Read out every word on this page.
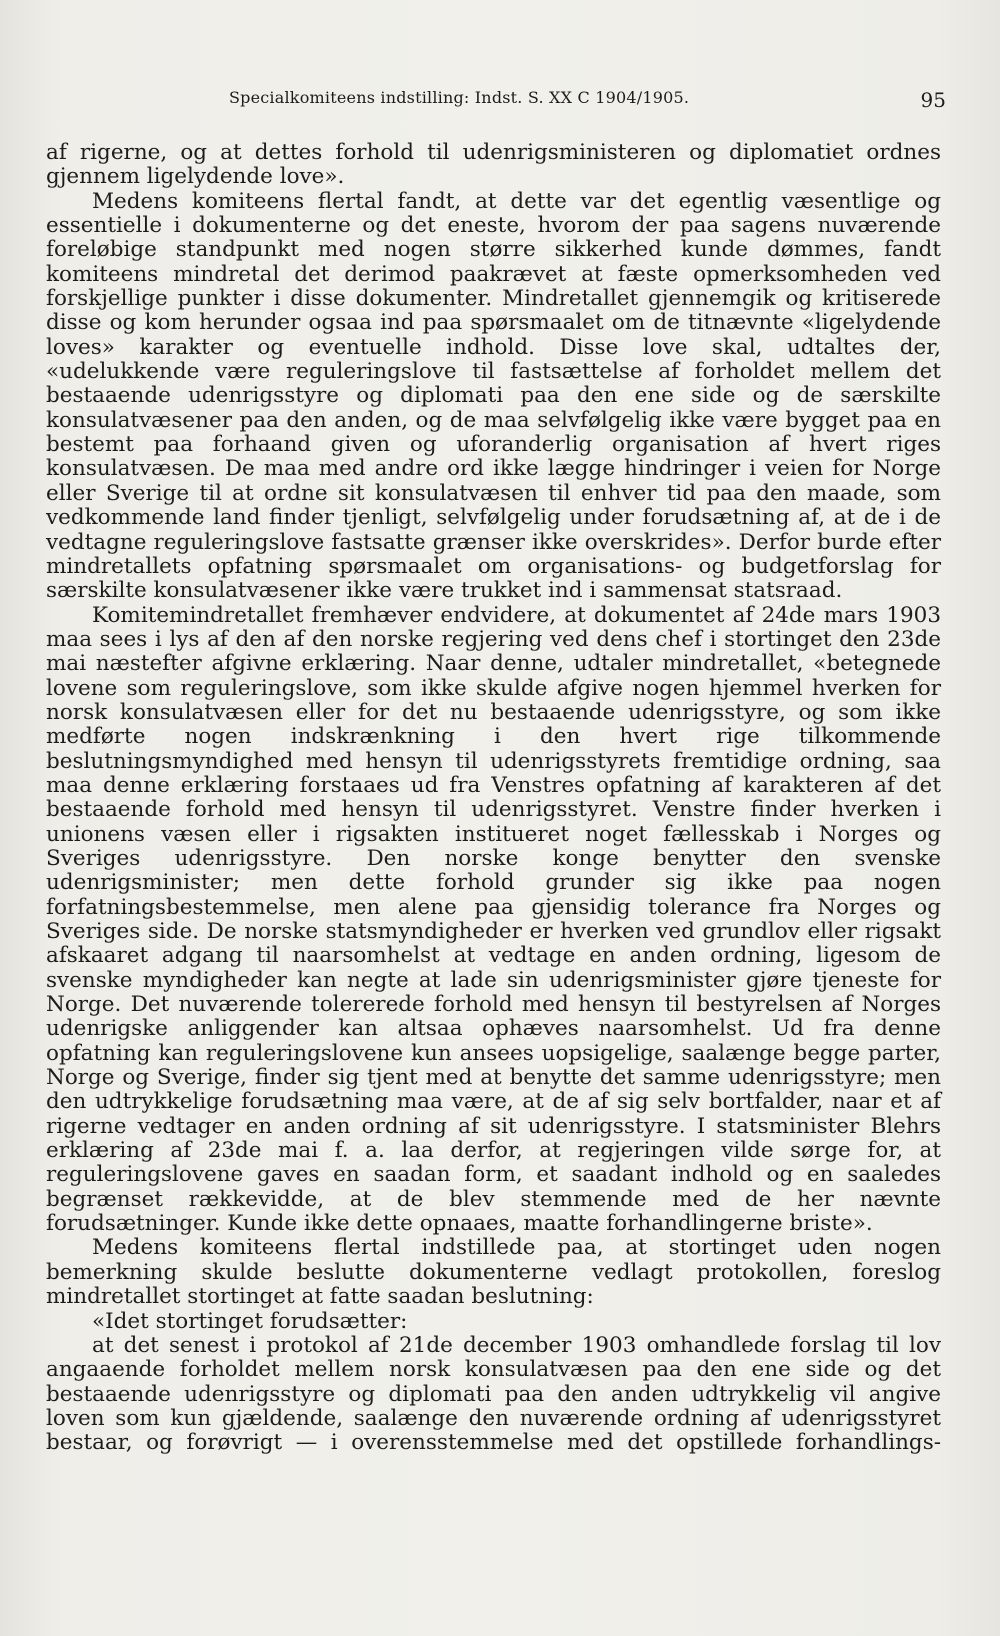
Specialkomiteens indstilling: Indst. S. XX C 1904/1905.	95

af rigerne, og at dettes forhold til udenrigsministeren og diplomatiet ordnes gjennem ligelydende love».

Medens komiteens flertal fandt, at dette var det egentlig væsentlige og essentielle i dokumenterne og det eneste, hvorom der paa sagens nuværende foreløbige standpunkt med nogen større sikkerhed kunde dømmes, fandt komiteens mindretal det derimod paakrævet at fæste opmerksomheden ved forskjellige punkter i disse dokumenter. Mindretallet gjennemgik og kritiserede disse og kom herunder ogsaa ind paa spørsmaalet om de titnævnte «ligelydende loves» karakter og eventuelle indhold. Disse love skal, udtaltes der, «udelukkende være reguleringslove til fastsættelse af forholdet mellem det bestaaende udenrigsstyre og diplomati paa den ene side og de særskilte konsulatvæsener paa den anden, og de maa selvfølgelig ikke være bygget paa en bestemt paa forhaand given og uforanderlig organisation af hvert riges konsulatvæsen. De maa med andre ord ikke lægge hindringer i veien for Norge eller Sverige til at ordne sit konsulatvæsen til enhver tid paa den maade, som vedkommende land finder tjenligt, selvfølgelig under forudsætning af, at de i de vedtagne reguleringslove fastsatte grænser ikke overskrides». Derfor burde efter mindretallets opfatning spørsmaalet om organisations- og budgetforslag for særskilte konsulatvæsener ikke være trukket ind i sammensat statsraad.

Komitemindretallet fremhæver endvidere, at dokumentet af 24de mars 1903 maa sees i lys af den af den norske regjering ved dens chef i stortinget den 23de mai næstefter afgivne erklæring. Naar denne, udtaler mindretallet, «betegnede lovene som reguleringslove, som ikke skulde afgive nogen hjemmel hverken for norsk konsulatvæsen eller for det nu bestaaende udenrigsstyre, og som ikke medførte nogen indskrænkning i den hvert rige tilkommende beslutningsmyndighed med hensyn til udenrigsstyrets fremtidige ordning, saa maa denne erklæring forstaaes ud fra Venstres opfatning af karakteren af det bestaaende forhold med hensyn til udenrigsstyret. Venstre finder hverken i unionens væsen eller i rigsakten institueret noget fællesskab i Norges og Sveriges udenrigsstyre. Den norske konge benytter den svenske udenrigsminister; men dette forhold grunder sig ikke paa nogen forfatningsbestemmelse, men alene paa gjensidig tolerance fra Norges og Sveriges side. De norske statsmyndigheder er hverken ved grundlov eller rigsakt afskaaret adgang til naarsomhelst at vedtage en anden ordning, ligesom de svenske myndigheder kan negte at lade sin udenrigsminister gjøre tjeneste for Norge. Det nuværende tolererede forhold med hensyn til bestyrelsen af Norges udenrigske anliggender kan altsaa ophæves naarsomhelst. Ud fra denne opfatning kan reguleringslovene kun ansees uopsigelige, saalænge begge parter, Norge og Sverige, finder sig tjent med at benytte det samme udenrigsstyre; men den udtrykkelige forudsætning maa være, at de af sig selv bortfalder, naar et af rigerne vedtager en anden ordning af sit udenrigsstyre. I statsminister Blehrs erklæring af 23de mai f. a. laa derfor, at regjeringen vilde sørge for, at reguleringslovene gaves en saadan form, et saadant indhold og en saaledes begrænset rækkevidde, at de blev stemmende med de her nævnte forudsætninger. Kunde ikke dette opnaaes, maatte forhandlingerne briste».

Medens komiteens flertal indstillede paa, at stortinget uden nogen bemerkning skulde beslutte dokumenterne vedlagt protokollen, foreslog mindretallet stortinget at fatte saadan beslutning:

«Idet stortinget forudsætter:

at det senest i protokol af 21de december 1903 omhandlede forslag til lov angaaende forholdet mellem norsk konsulatvæsen paa den ene side og det bestaaende udenrigsstyre og diplomati paa den anden udtrykkelig vil angive loven som kun gjældende, saalænge den nuværende ordning af udenrigsstyret bestaar, og forøvrigt — i overensstemmelse med det opstillede forhandlings-
